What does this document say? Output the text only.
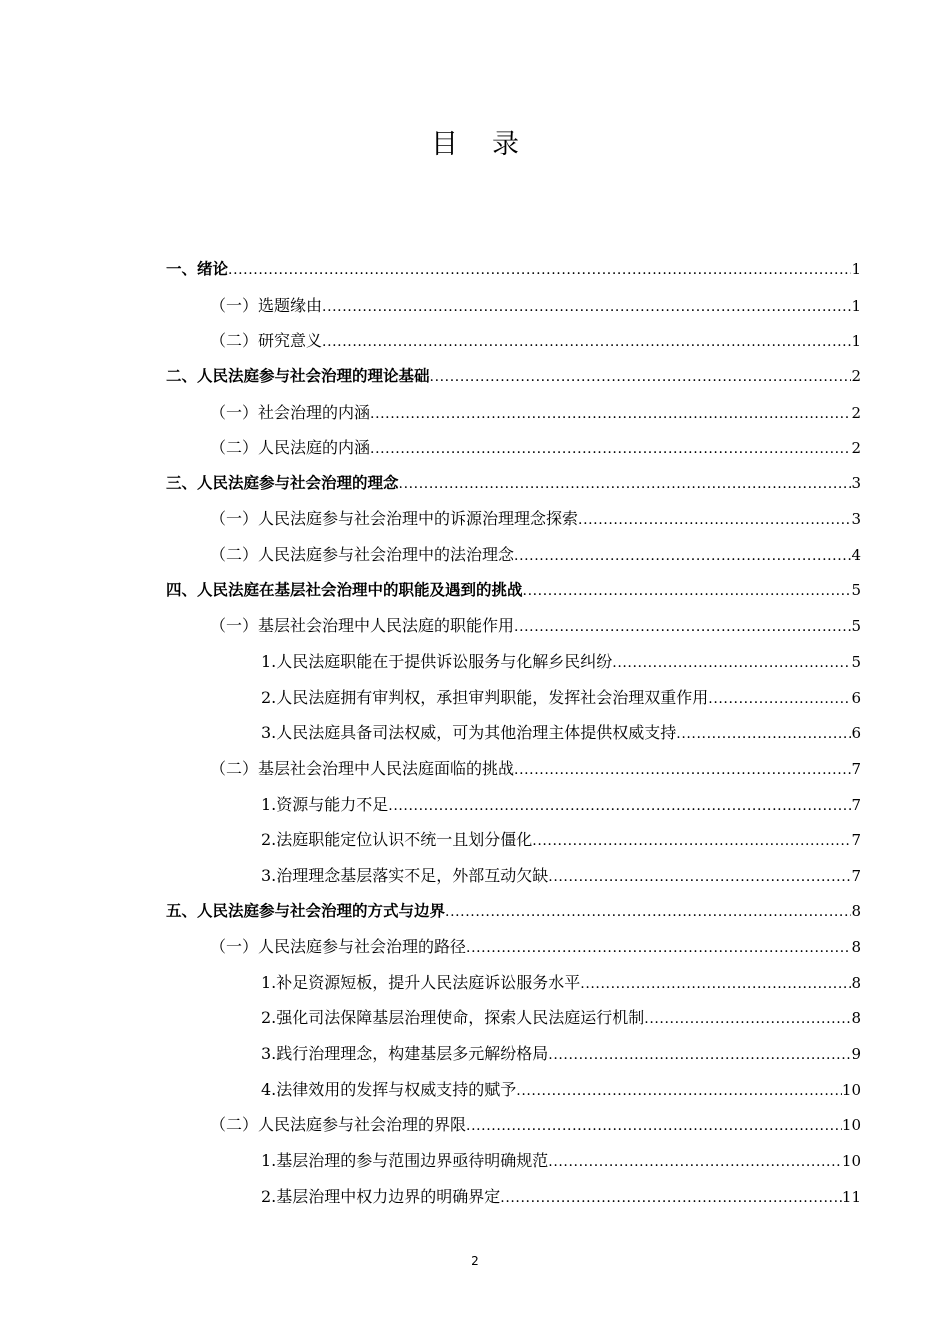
目录
一、绪论 .....	1
（一）选题缘由 .....	1
（二）研究意义 .....	1
二、人民法庭参与社会治理的理论基础 .....	2
（一）社会治理的内涵 .....	2
（二）人民法庭的内涵 .....	2
三、人民法庭参与社会治理的理念 .....	3
（一）人民法庭参与社会治理中的诉源治理理念探索 .....	3
（二）人民法庭参与社会治理中的法治理念 .....	4
四、人民法庭在基层社会治理中的职能及遇到的挑战 .....	5
（一）基层社会治理中人民法庭的职能作用 .....	5
1.人民法庭职能在于提供诉讼服务与化解乡民纠纷 .....	5
2.人民法庭拥有审判权，承担审判职能，发挥社会治理双重作用 .....	6
3.人民法庭具备司法权威，可为其他治理主体提供权威支持 .....	6
（二）基层社会治理中人民法庭面临的挑战 .....	7
1.资源与能力不足 .....	7
2.法庭职能定位认识不统一且划分僵化 .....	7
3.治理理念基层落实不足，外部互动欠缺 .....	7
五、人民法庭参与社会治理的方式与边界 .....	8
（一）人民法庭参与社会治理的路径 .....	8
1.补足资源短板，提升人民法庭诉讼服务水平 .....	8
2.强化司法保障基层治理使命，探索人民法庭运行机制 .....	8
3.践行治理理念，构建基层多元解纷格局 .....	9
4.法律效用的发挥与权威支持的赋予 .....	10
（二）人民法庭参与社会治理的界限 .....	10
1.基层治理的参与范围边界亟待明确规范 .....	10
2.基层治理中权力边界的明确界定 .....	11
2
